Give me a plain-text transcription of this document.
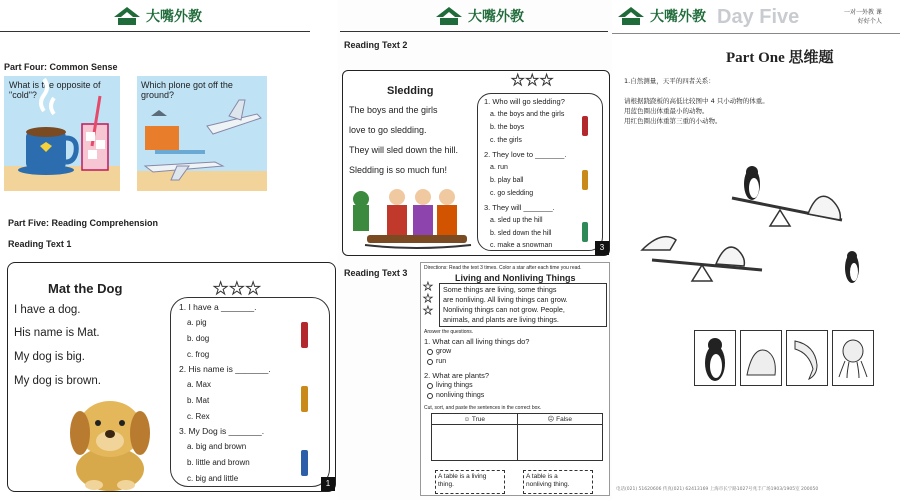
大嘴外教
Part Four: Common Sense
What is the opposite of "cold"?
Which plone got off the ground?
Part Five: Reading Comprehension
Reading Text 1
Mat the Dog
I have a dog.
His name is Mat.
My dog is big.
My dog is brown.
★★★
1. I have a _______.
a. pig
b. dog
c. frog
2. His name is _______.
a. Max
b. Mat
c. Rex
3. My Dog is _______.
a. big and brown
b. little and brown
c. big and little
1
大嘴外教
Reading Text 2
Sledding
The boys and the girls
love to go sledding.
They will sled down the hill.
Sledding is so much fun!
★★★
1. Who will go sledding?
a. the boys and the girls
b. the boys
c. the girls
2. They love to _______.
a. run
b. play ball
c. go sledding
3. They will _______.
a. sled up the hill
b. sled down the hill
c. make a snowman	3
Reading Text 3	Directions: Read the text 3 times. Color a star after each time you read.
Living and Nonliving Things
★
★
★
Some things are living, some things
are nonliving. All living things can grow.
Nonliving things can not grow. People,
animals, and plants are living things.
Answer the questions.
1. What can all living things do?
grow
run
2. What are plants?
living things
nonliving things
Cut, sort, and paste the sentences in the correct box.
☺ True	☹ False
A table is a living
thing.
A table is a
nonliving thing.
大嘴外教 Day Five	一对一外教 课
好好个人
Part One 思维题
1.自然测量，天平的四者关系：
请根据跷跷板的高低比较图中 4 只小动物的体重。
用蓝色圈出体重最小的动物。
用红色圈出体重第三重的小动物。
电话(021) 51620606 传真(021) 62413169 上海市长宁路1027号兆丰广场1903/1905室 200050
